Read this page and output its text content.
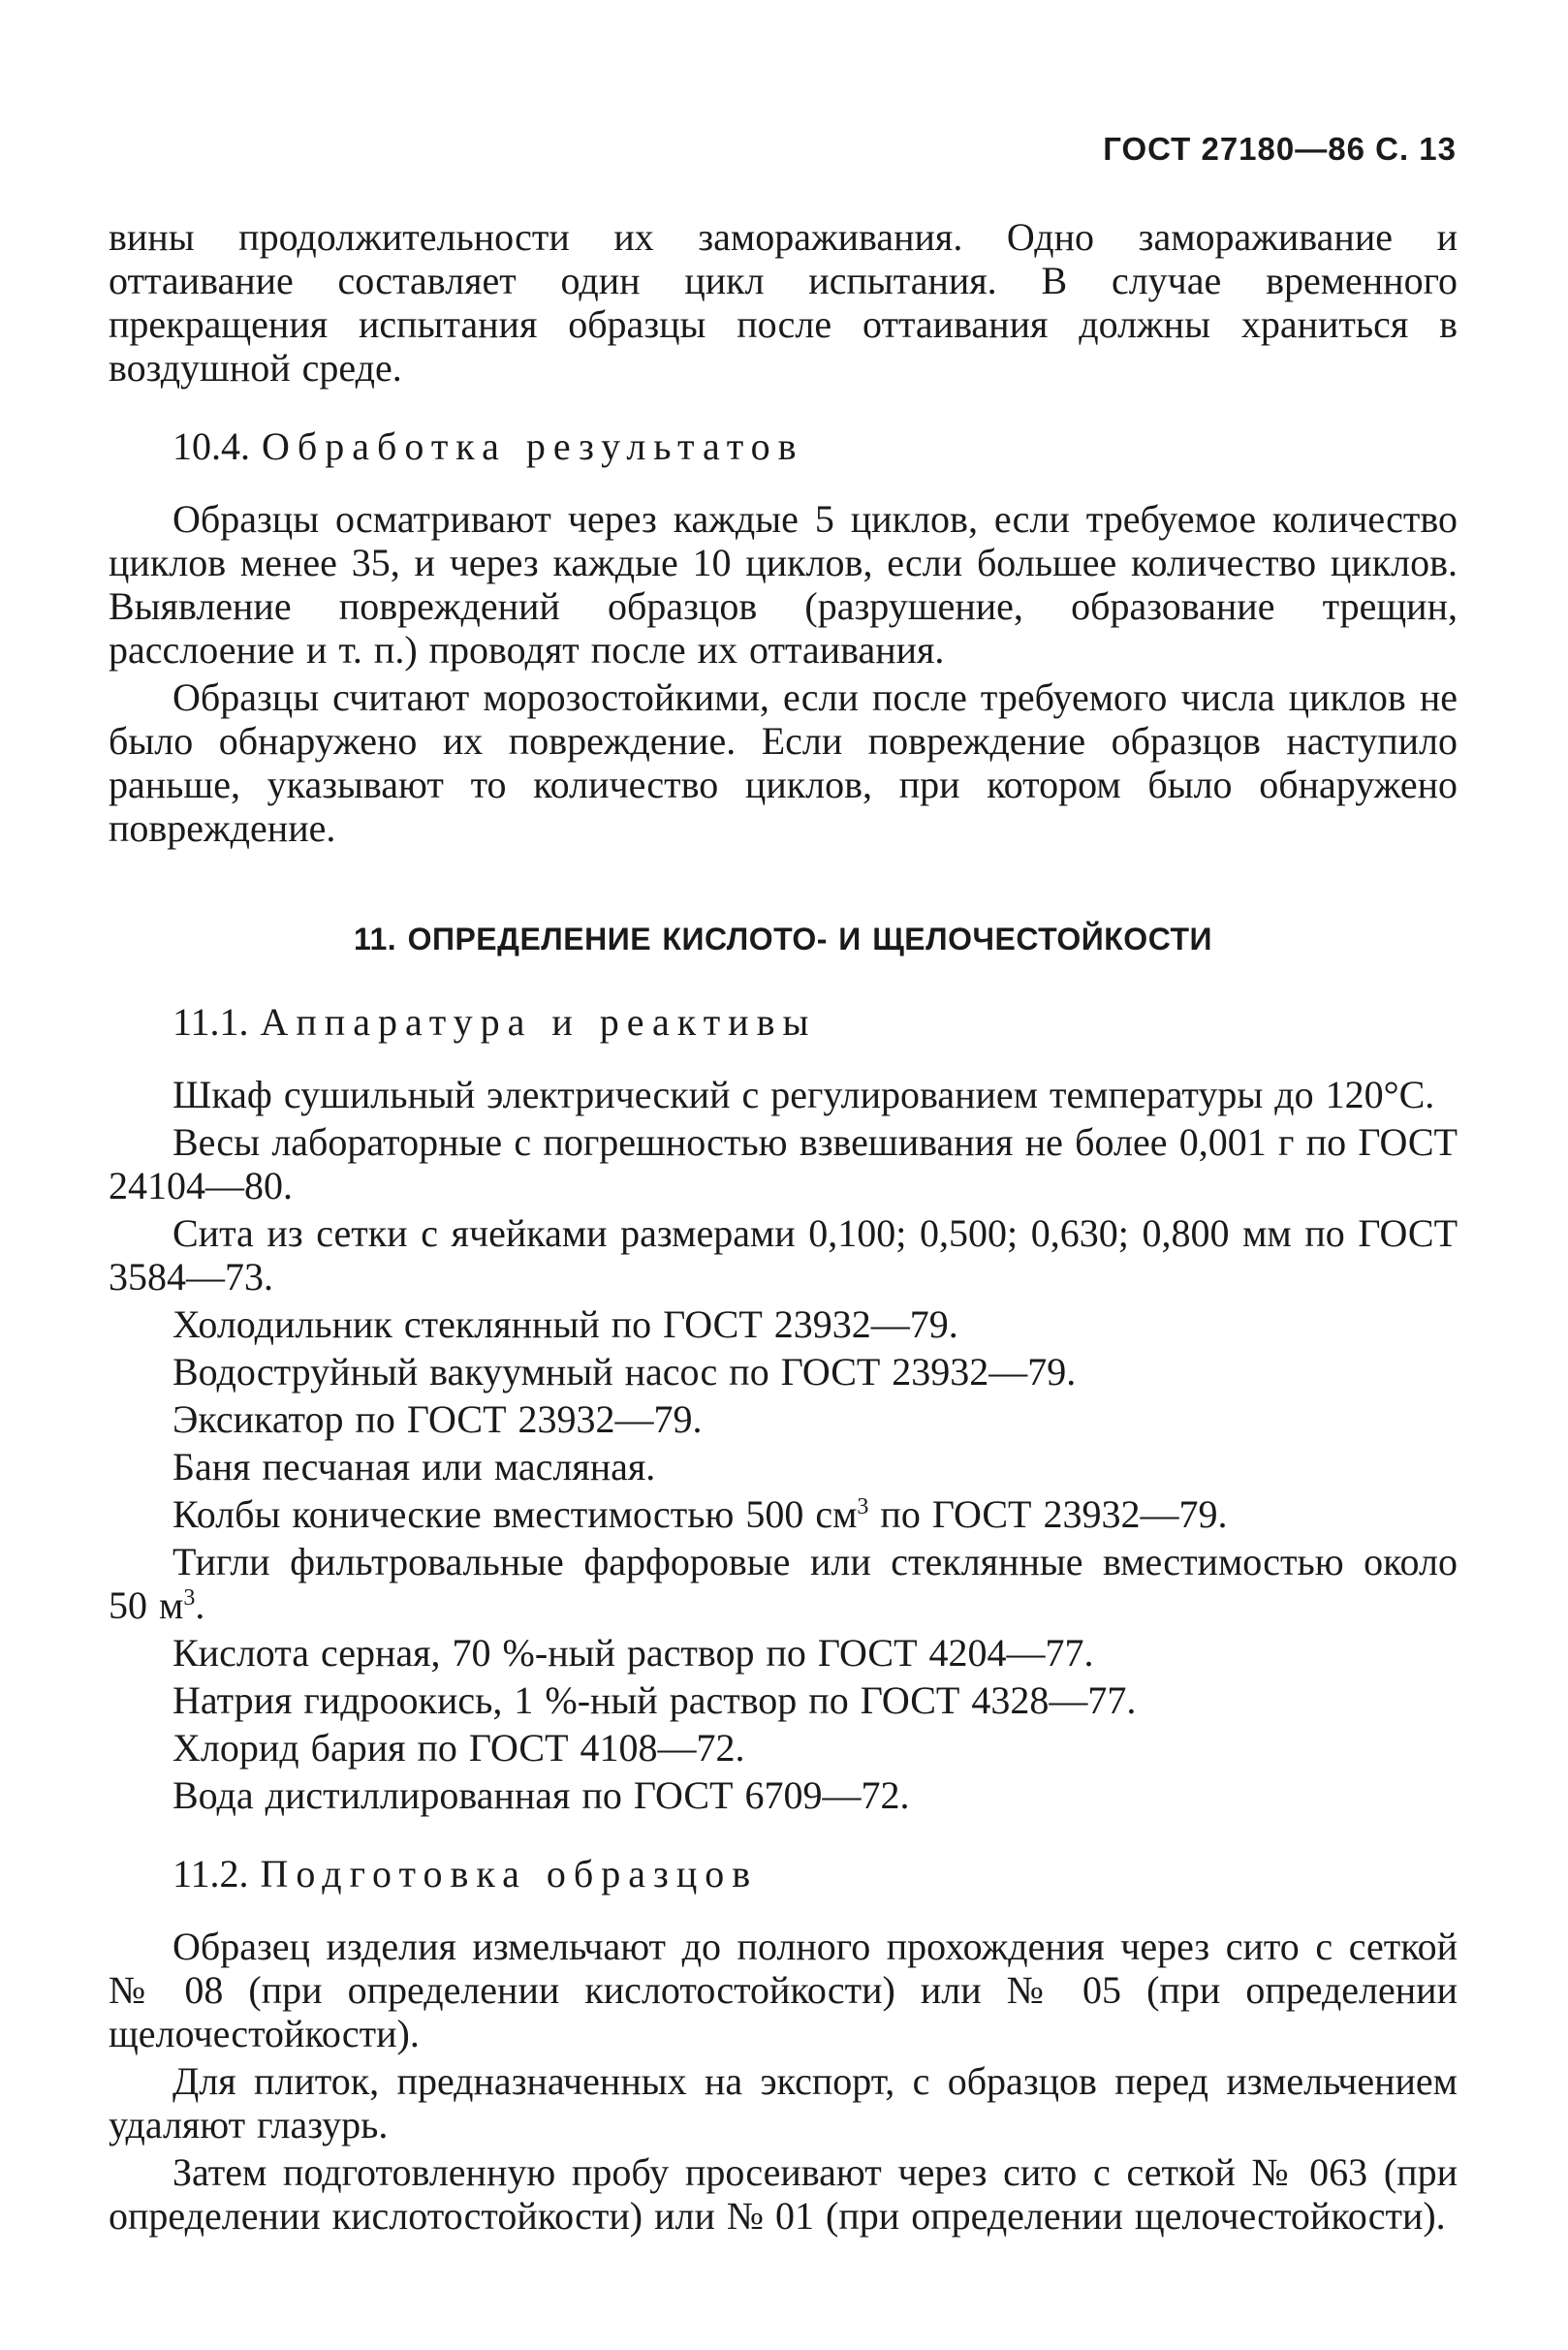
ГОСТ 27180—86 С. 13

вины продолжительности их замораживания. Одно замораживание и оттаивание составляет один цикл испытания. В случае временного прекращения испытания образцы после оттаивания должны храниться в воздушной среде.

10.4. Обработка результатов

Образцы осматривают через каждые 5 циклов, если требуемое количество циклов менее 35, и через каждые 10 циклов, если большее количество циклов. Выявление повреждений образцов (разрушение, образование трещин, расслоение и т. п.) проводят после их оттаивания.

Образцы считают морозостойкими, если после требуемого числа циклов не было обнаружено их повреждение. Если повреждение образцов наступило раньше, указывают то количество циклов, при котором было обнаружено повреждение.

11. ОПРЕДЕЛЕНИЕ КИСЛОТО- И ЩЕЛОЧЕСТОЙКОСТИ

11.1. Аппаратура и реактивы

Шкаф сушильный электрический с регулированием температуры до 120°С.

Весы лабораторные с погрешностью взвешивания не более 0,001 г по ГОСТ 24104—80.

Сита из сетки с ячейками размерами 0,100; 0,500; 0,630; 0,800 мм по ГОСТ 3584—73.

Холодильник стеклянный по ГОСТ 23932—79.

Водоструйный вакуумный насос по ГОСТ 23932—79.

Эксикатор по ГОСТ 23932—79.

Баня песчаная или масляная.

Колбы конические вместимостью 500 $см^3$ по ГОСТ 23932—79.

Тигли фильтровальные фарфоровые или стеклянные вместимостью около 50 $м^3$.

Кислота серная, 70 %-ный раствор по ГОСТ 4204—77.

Натрия гидроокись, 1 %-ный раствор по ГОСТ 4328—77.

Хлорид бария по ГОСТ 4108—72.

Вода дистиллированная по ГОСТ 6709—72.

11.2. Подготовка образцов

Образец изделия измельчают до полного прохождения через сито с сеткой № 08 (при определении кислотостойкости) или № 05 (при определении щелочестойкости).

Для плиток, предназначенных на экспорт, с образцов перед измельчением удаляют глазурь.

Затем подготовленную пробу просеивают через сито с сеткой № 063 (при определении кислотостойкости) или № 01 (при определении щелочестойкости).
